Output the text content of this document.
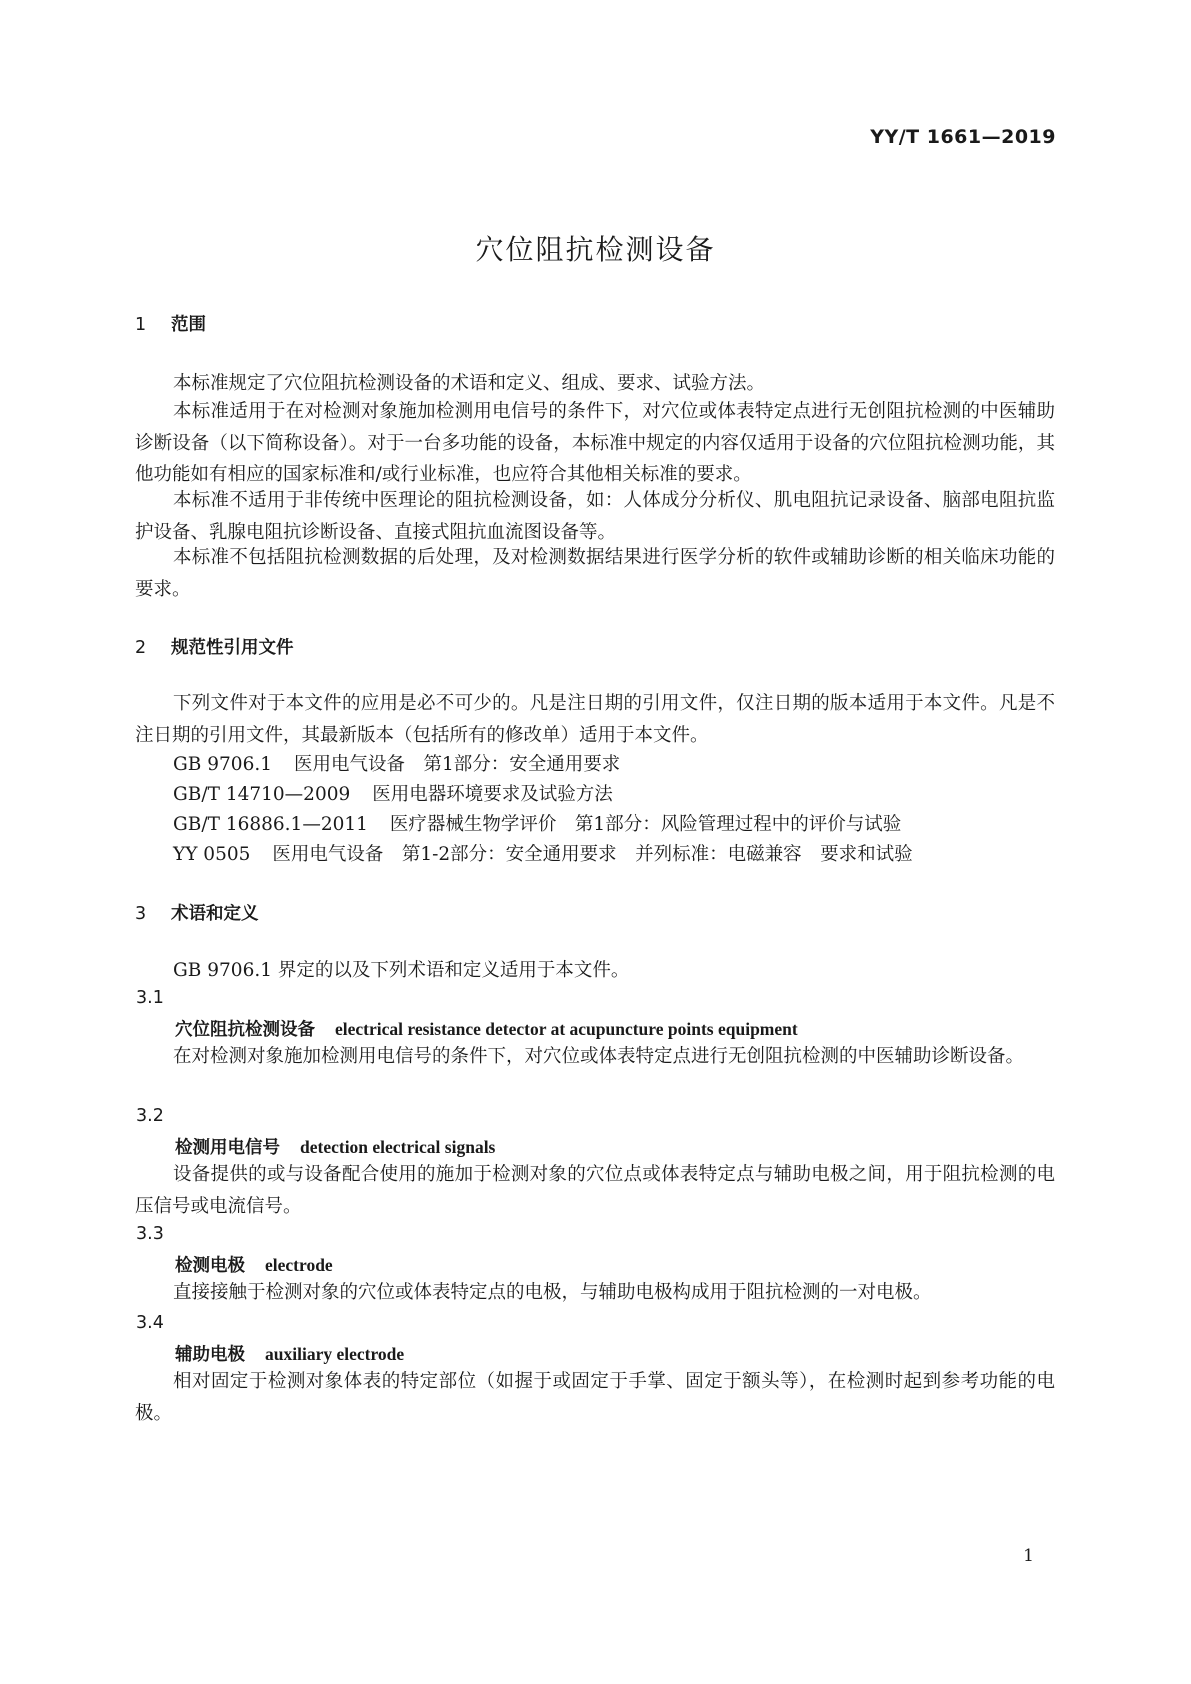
YY/T 1661—2019
穴位阻抗检测设备
1 范围
本标准规定了穴位阻抗检测设备的术语和定义、组成、要求、试验方法。
本标准适用于在对检测对象施加检测用电信号的条件下，对穴位或体表特定点进行无创阻抗检测的中医辅助诊断设备（以下简称设备）。对于一台多功能的设备，本标准中规定的内容仅适用于设备的穴位阻抗检测功能，其他功能如有相应的国家标准和/或行业标准，也应符合其他相关标准的要求。
本标准不适用于非传统中医理论的阻抗检测设备，如：人体成分分析仪、肌电阻抗记录设备、脑部电阻抗监护设备、乳腺电阻抗诊断设备、直接式阻抗血流图设备等。
本标准不包括阻抗检测数据的后处理，及对检测数据结果进行医学分析的软件或辅助诊断的相关临床功能的要求。
2 规范性引用文件
下列文件对于本文件的应用是必不可少的。凡是注日期的引用文件，仅注日期的版本适用于本文件。凡是不注日期的引用文件，其最新版本（包括所有的修改单）适用于本文件。
GB 9706.1 医用电气设备　第1部分：安全通用要求
GB/T 14710—2009 医用电器环境要求及试验方法
GB/T 16886.1—2011 医疗器械生物学评价　第1部分：风险管理过程中的评价与试验
YY 0505 医用电气设备　第1-2部分：安全通用要求　并列标准：电磁兼容　要求和试验
3 术语和定义
GB 9706.1 界定的以及下列术语和定义适用于本文件。
3.1
穴位阻抗检测设备 electrical resistance detector at acupuncture points equipment
在对检测对象施加检测用电信号的条件下，对穴位或体表特定点进行无创阻抗检测的中医辅助诊断设备。
3.2
检测用电信号 detection electrical signals
设备提供的或与设备配合使用的施加于检测对象的穴位点或体表特定点与辅助电极之间，用于阻抗检测的电压信号或电流信号。
3.3
检测电极 electrode
直接接触于检测对象的穴位或体表特定点的电极，与辅助电极构成用于阻抗检测的一对电极。
3.4
辅助电极 auxiliary electrode
相对固定于检测对象体表的特定部位（如握于或固定于手掌、固定于额头等），在检测时起到参考功能的电极。
1
